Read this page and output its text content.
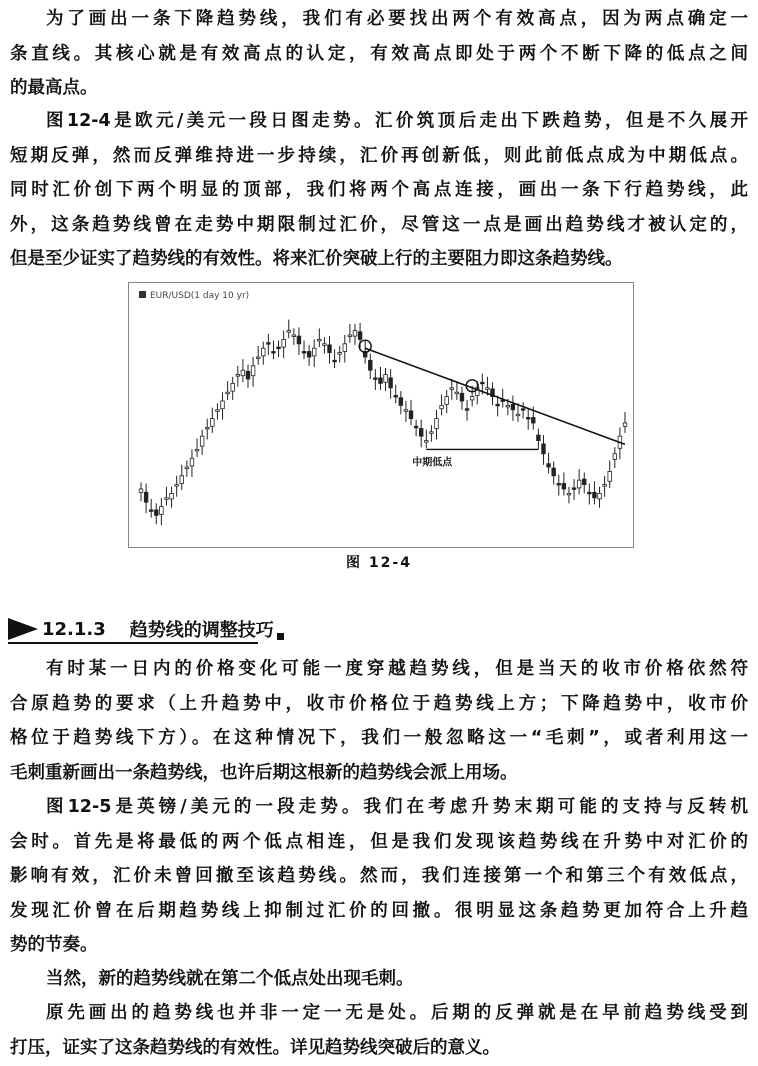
为了画出一条下降趋势线，我们有必要找出两个有效高点，因为两点确定一
条直线。其核心就是有效高点的认定，有效高点即处于两个不断下降的低点之间
的最高点。
图12-4是欧元/美元一段日图走势。汇价筑顶后走出下跌趋势，但是不久展开
短期反弹，然而反弹维持进一步持续，汇价再创新低，则此前低点成为中期低点。
同时汇价创下两个明显的顶部，我们将两个高点连接，画出一条下行趋势线，此
外，这条趋势线曾在走势中期限制过汇价，尽管这一点是画出趋势线才被认定的，
但是至少证实了趋势线的有效性。将来汇价突破上行的主要阻力即这条趋势线。
EUR/USD(1 day 10 yr)
中期低点
图 12-4
12.1.3 趋势线的调整技巧
有时某一日内的价格变化可能一度穿越趋势线，但是当天的收市价格依然符
合原趋势的要求（上升趋势中，收市价格位于趋势线上方；下降趋势中，收市价
格位于趋势线下方）。在这种情况下，我们一般忽略这一“毛刺”，或者利用这一
毛刺重新画出一条趋势线，也许后期这根新的趋势线会派上用场。
图12-5是英镑/美元的一段走势。我们在考虑升势末期可能的支持与反转机
会时。首先是将最低的两个低点相连，但是我们发现该趋势线在升势中对汇价的
影响有效，汇价未曾回撤至该趋势线。然而，我们连接第一个和第三个有效低点，
发现汇价曾在后期趋势线上抑制过汇价的回撤。很明显这条趋势更加符合上升趋
势的节奏。
当然，新的趋势线就在第二个低点处出现毛刺。
原先画出的趋势线也并非一定一无是处。后期的反弹就是在早前趋势线受到
打压，证实了这条趋势线的有效性。详见趋势线突破后的意义。
